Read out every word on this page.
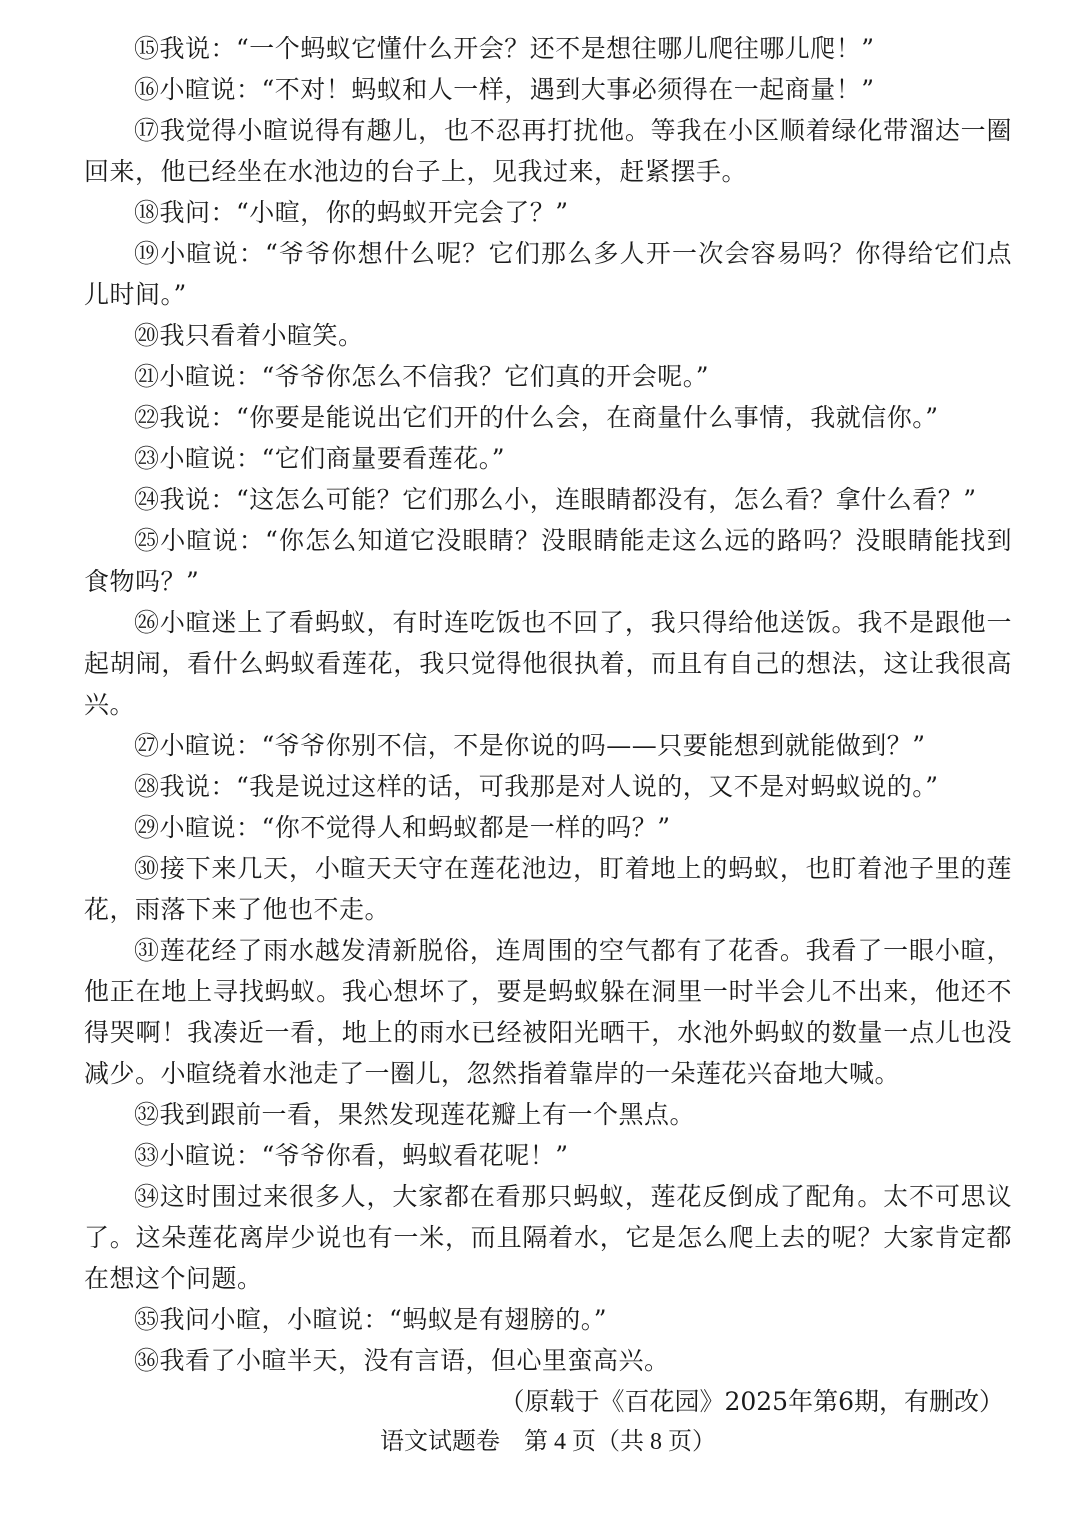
⑮我说：“一个蚂蚁它懂什么开会？还不是想往哪儿爬往哪儿爬！”

⑯小暄说：“不对！蚂蚁和人一样，遇到大事必须得在一起商量！”

⑰我觉得小暄说得有趣儿，也不忍再打扰他。等我在小区顺着绿化带溜达一圈回来，他已经坐在水池边的台子上，见我过来，赶紧摆手。

⑱我问：“小暄，你的蚂蚁开完会了？”

⑲小暄说：“爷爷你想什么呢？它们那么多人开一次会容易吗？你得给它们点儿时间。”

⑳我只看着小暄笑。

㉑小暄说：“爷爷你怎么不信我？它们真的开会呢。”

㉒我说：“你要是能说出它们开的什么会，在商量什么事情，我就信你。”

㉓小暄说：“它们商量要看莲花。”

㉔我说：“这怎么可能？它们那么小，连眼睛都没有，怎么看？拿什么看？”

㉕小暄说：“你怎么知道它没眼睛？没眼睛能走这么远的路吗？没眼睛能找到食物吗？”

㉖小暄迷上了看蚂蚁，有时连吃饭也不回了，我只得给他送饭。我不是跟他一起胡闹，看什么蚂蚁看莲花，我只觉得他很执着，而且有自己的想法，这让我很高兴。

㉗小暄说：“爷爷你别不信，不是你说的吗——只要能想到就能做到？”

㉘我说：“我是说过这样的话，可我那是对人说的，又不是对蚂蚁说的。”

㉙小暄说：“你不觉得人和蚂蚁都是一样的吗？”

㉚接下来几天，小暄天天守在莲花池边，盯着地上的蚂蚁，也盯着池子里的莲花，雨落下来了他也不走。

㉛莲花经了雨水越发清新脱俗，连周围的空气都有了花香。我看了一眼小暄，他正在地上寻找蚂蚁。我心想坏了，要是蚂蚁躲在洞里一时半会儿不出来，他还不得哭啊！我凑近一看，地上的雨水已经被阳光晒干，水池外蚂蚁的数量一点儿也没减少。小暄绕着水池走了一圈儿，忽然指着靠岸的一朵莲花兴奋地大喊。

㉜我到跟前一看，果然发现莲花瓣上有一个黑点。

㉝小暄说：“爷爷你看，蚂蚁看花呢！”

㉞这时围过来很多人，大家都在看那只蚂蚁，莲花反倒成了配角。太不可思议了。这朵莲花离岸少说也有一米，而且隔着水，它是怎么爬上去的呢？大家肯定都在想这个问题。

㉟我问小暄，小暄说：“蚂蚁是有翅膀的。”

㊱我看了小暄半天，没有言语，但心里蛮高兴。

（原载于《百花园》2025年第6期，有删改）

语文试题卷　第 4 页（共 8 页）
